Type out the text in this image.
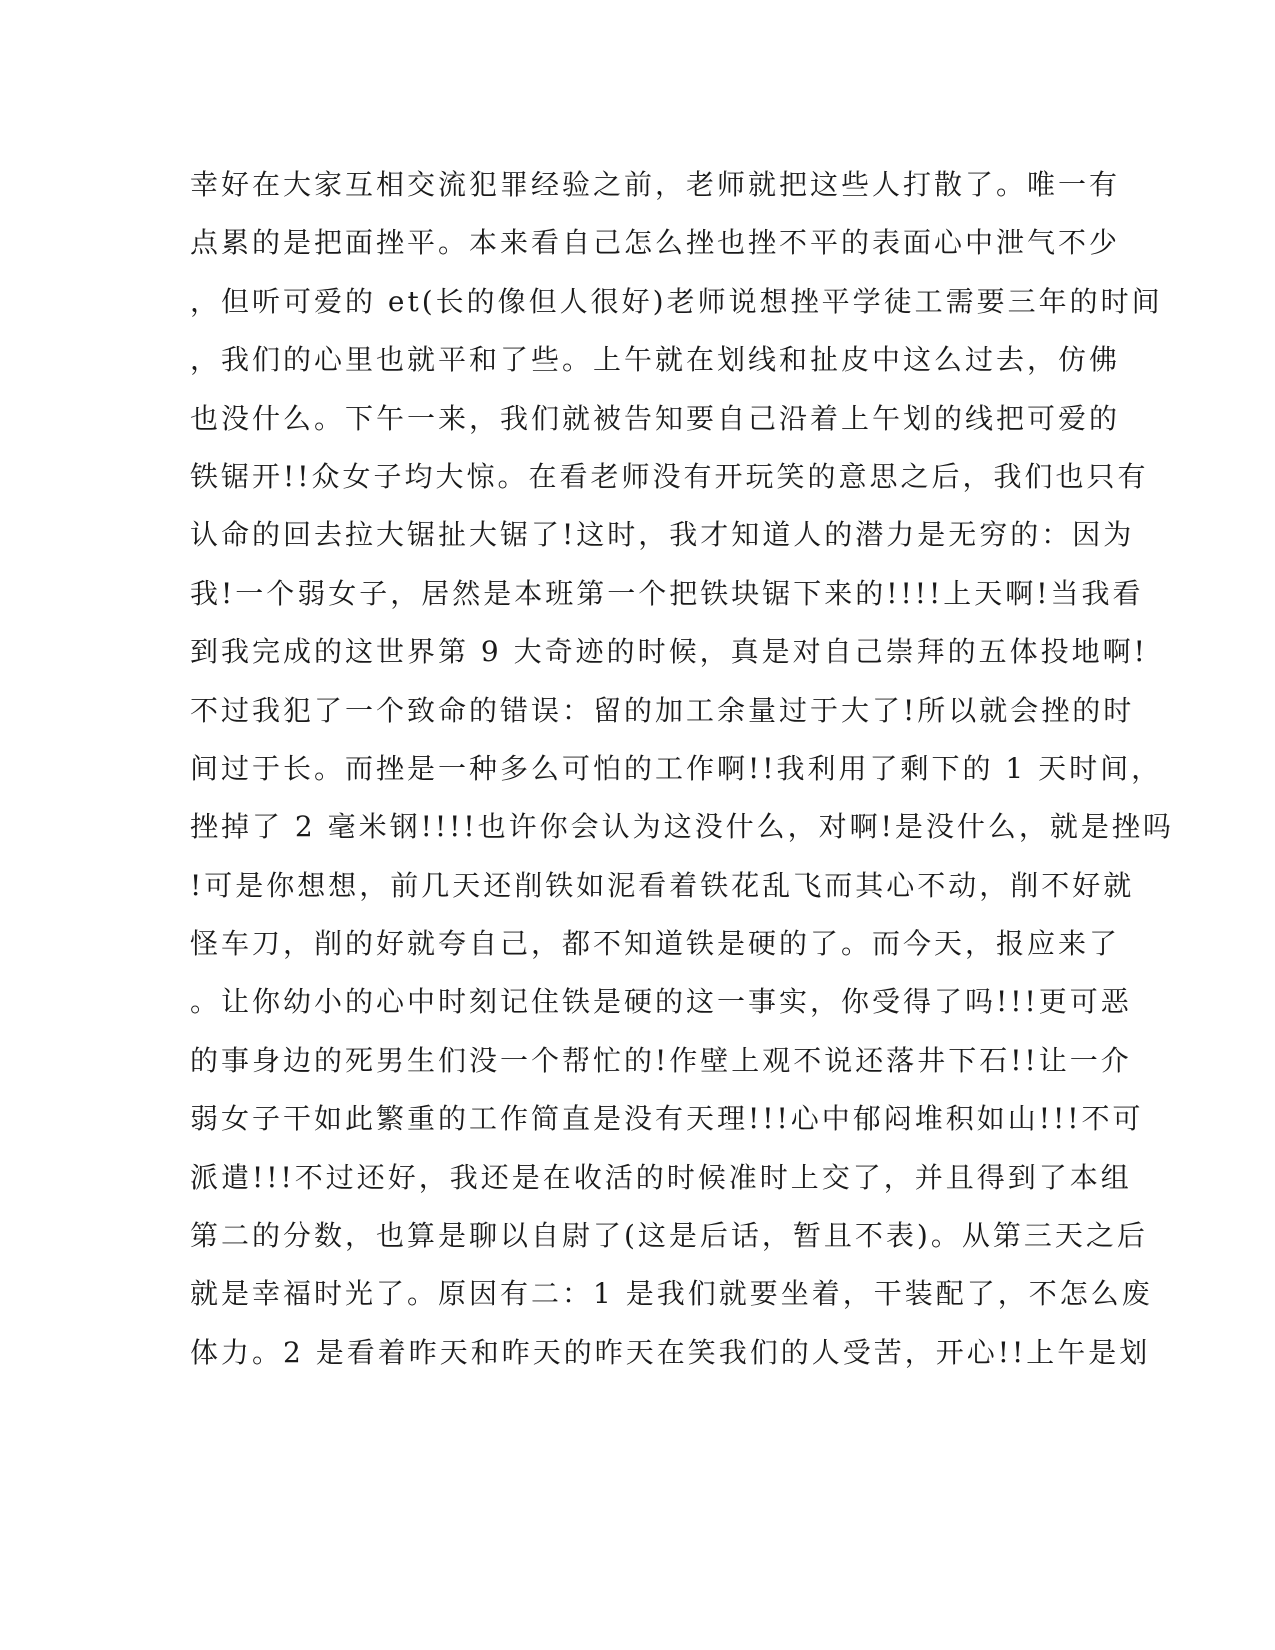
幸好在大家互相交流犯罪经验之前，老师就把这些人打散了。唯一有
点累的是把面挫平。本来看自己怎么挫也挫不平的表面心中泄气不少
，但听可爱的 et(长的像但人很好)老师说想挫平学徒工需要三年的时间
，我们的心里也就平和了些。上午就在划线和扯皮中这么过去，仿佛
也没什么。下午一来，我们就被告知要自己沿着上午划的线把可爱的
铁锯开!!众女子均大惊。在看老师没有开玩笑的意思之后，我们也只有
认命的回去拉大锯扯大锯了!这时，我才知道人的潜力是无穷的：因为
我!一个弱女子，居然是本班第一个把铁块锯下来的!!!!上天啊!当我看
到我完成的这世界第 9 大奇迹的时候，真是对自己崇拜的五体投地啊!
不过我犯了一个致命的错误：留的加工余量过于大了!所以就会挫的时
间过于长。而挫是一种多么可怕的工作啊!!我利用了剩下的 1 天时间，
挫掉了 2 毫米钢!!!!也许你会认为这没什么，对啊!是没什么，就是挫吗
!可是你想想，前几天还削铁如泥看着铁花乱飞而其心不动，削不好就
怪车刀，削的好就夸自己，都不知道铁是硬的了。而今天，报应来了
。让你幼小的心中时刻记住铁是硬的这一事实，你受得了吗!!!更可恶
的事身边的死男生们没一个帮忙的!作壁上观不说还落井下石!!让一介
弱女子干如此繁重的工作简直是没有天理!!!心中郁闷堆积如山!!!不可
派遣!!!不过还好，我还是在收活的时候准时上交了，并且得到了本组
第二的分数，也算是聊以自尉了(这是后话，暂且不表)。从第三天之后
就是幸福时光了。原因有二：1 是我们就要坐着，干装配了，不怎么废
体力。2 是看着昨天和昨天的昨天在笑我们的人受苦，开心!!上午是划
